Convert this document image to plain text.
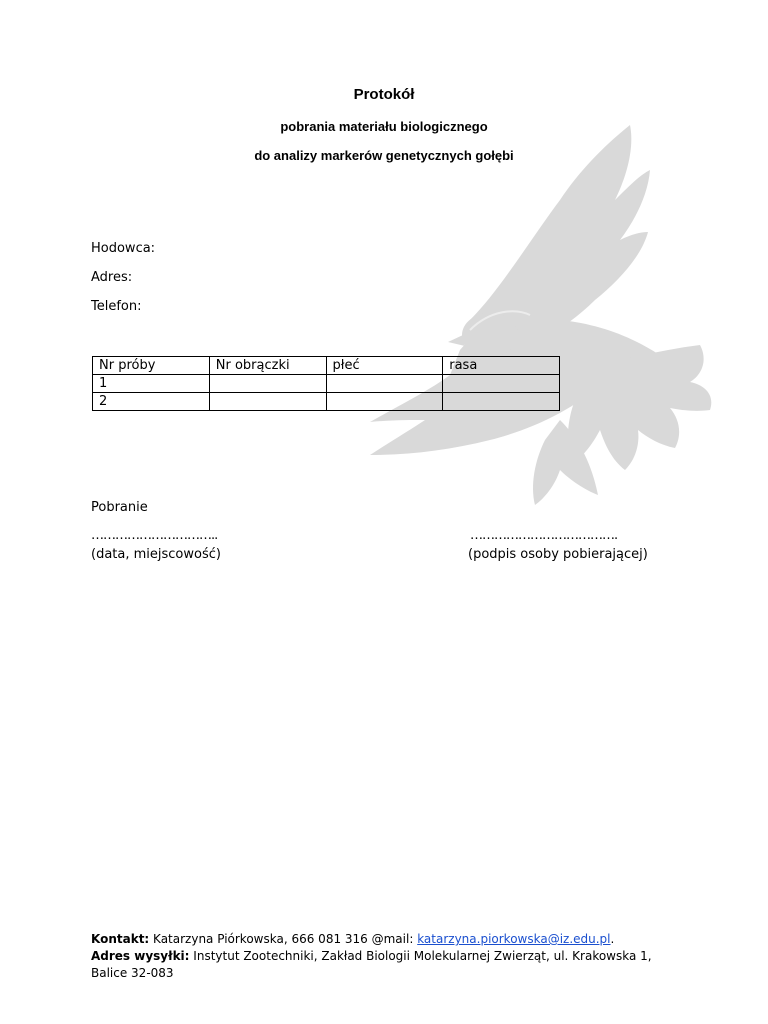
Protokół
pobrania materiału biologicznego
do analizy markerów genetycznych gołębi
Hodowca:
Adres:
Telefon:
Nr próby	Nr obrączki	płeć	rasa
1			
2			
Pobranie
…………………………..	……………………………….
(data, miejscowość)	(podpis osoby pobierającej)
Kontakt: Katarzyna Piórkowska, 666 081 316 @mail: katarzyna.piorkowska@iz.edu.pl.
Adres wysyłki: Instytut Zootechniki, Zakład Biologii Molekularnej Zwierząt, ul. Krakowska 1, Balice 32-083
